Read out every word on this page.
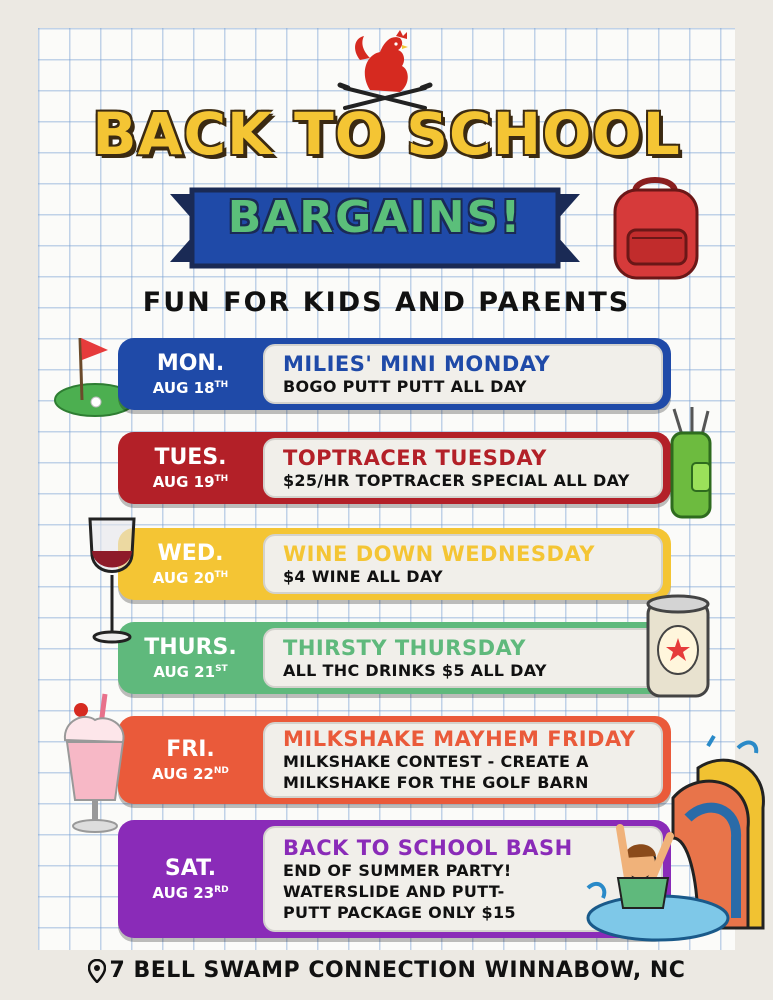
BACK TO SCHOOL
BARGAINS!
FUN FOR KIDS AND PARENTS
MON.
AUG 18TH
MILIES' MINI MONDAY
BOGO PUTT PUTT ALL DAY
TUES.
AUG 19TH
TOPTRACER TUESDAY
$25/HR TOPTRACER SPECIAL ALL DAY
WED.
AUG 20TH
WINE DOWN WEDNESDAY
$4 WINE ALL DAY
THURS.
AUG 21ST
THIRSTY THURSDAY
ALL THC DRINKS $5 ALL DAY
FRI.
AUG 22ND
MILKSHAKE MAYHEM FRIDAY
MILKSHAKE CONTEST - CREATE A
MILKSHAKE FOR THE GOLF BARN
SAT.
AUG 23RD
BACK TO SCHOOL BASH
END OF SUMMER PARTY!
WATERSLIDE AND PUTT-
PUTT PACKAGE ONLY $15
7 BELL SWAMP CONNECTION WINNABOW, NC
